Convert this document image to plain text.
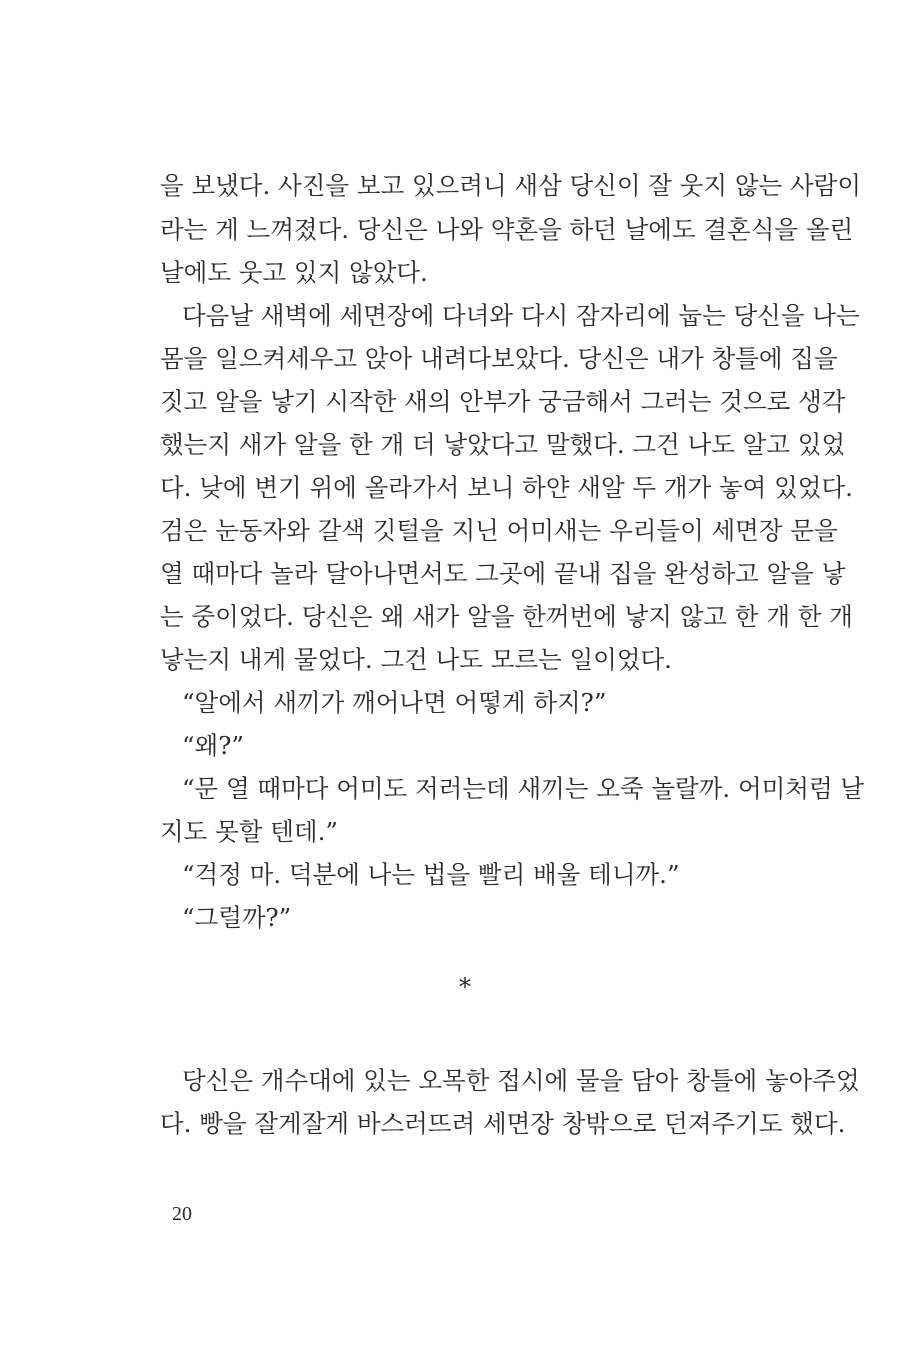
을 보냈다. 사진을 보고 있으려니 새삼 당신이 잘 웃지 않는 사람이
라는 게 느껴졌다. 당신은 나와 약혼을 하던 날에도 결혼식을 올린
날에도 웃고 있지 않았다.
다음날 새벽에 세면장에 다녀와 다시 잠자리에 눕는 당신을 나는
몸을 일으켜세우고 앉아 내려다보았다. 당신은 내가 창틀에 집을
짓고 알을 낳기 시작한 새의 안부가 궁금해서 그러는 것으로 생각
했는지 새가 알을 한 개 더 낳았다고 말했다. 그건 나도 알고 있었
다. 낮에 변기 위에 올라가서 보니 하얀 새알 두 개가 놓여 있었다.
검은 눈동자와 갈색 깃털을 지닌 어미새는 우리들이 세면장 문을
열 때마다 놀라 달아나면서도 그곳에 끝내 집을 완성하고 알을 낳
는 중이었다. 당신은 왜 새가 알을 한꺼번에 낳지 않고 한 개 한 개
낳는지 내게 물었다. 그건 나도 모르는 일이었다.
“알에서 새끼가 깨어나면 어떻게 하지?”
“왜?”
“문 열 때마다 어미도 저러는데 새끼는 오죽 놀랄까. 어미처럼 날
지도 못할 텐데.”
“걱정 마. 덕분에 나는 법을 빨리 배울 테니까.”
“그럴까?”
*
당신은 개수대에 있는 오목한 접시에 물을 담아 창틀에 놓아주었
다. 빵을 잘게잘게 바스러뜨려 세면장 창밖으로 던져주기도 했다.
20
